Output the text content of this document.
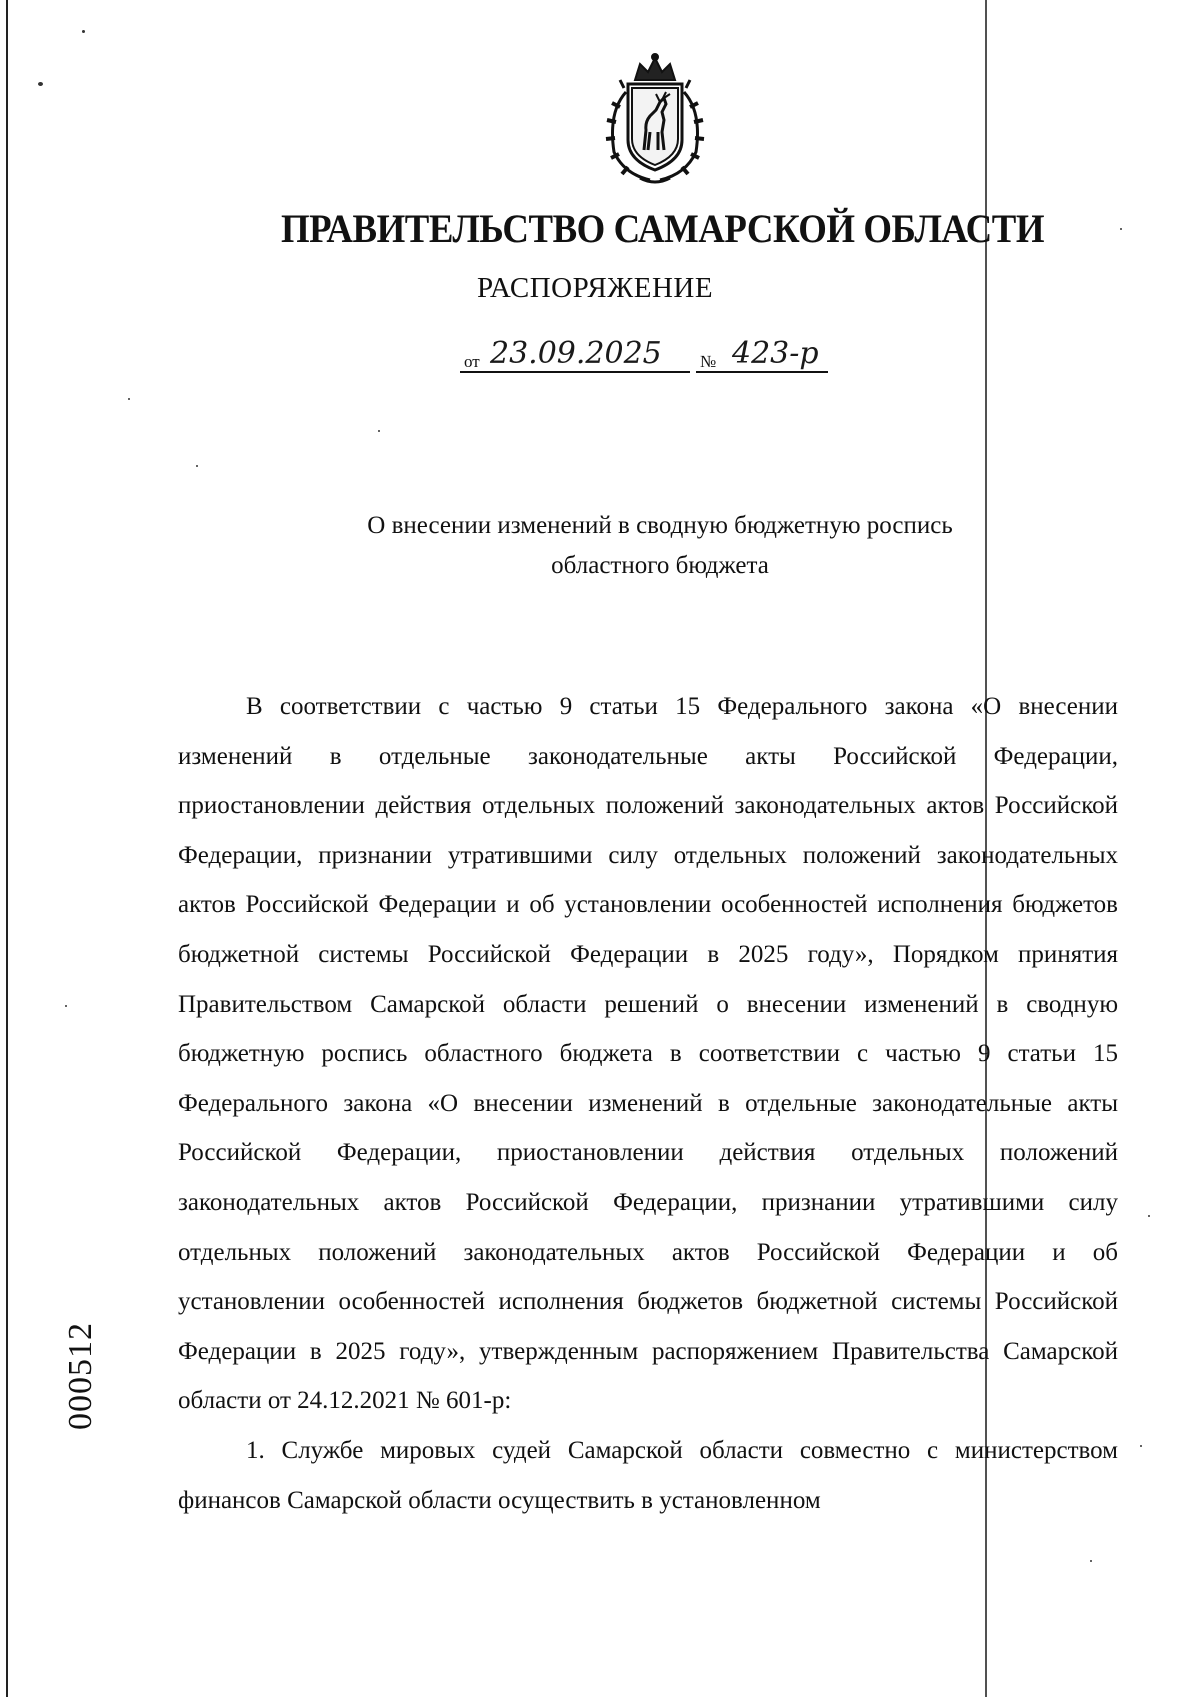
ПРАВИТЕЛЬСТВО САМАРСКОЙ ОБЛАСТИ
РАСПОРЯЖЕНИЕ
от 23.09.2025 № 423-р
О внесении изменений в сводную бюджетную роспись
областного бюджета

В соответствии с частью 9 статьи 15 Федерального закона «О внесении изменений в отдельные законодательные акты Российской Федерации, приостановлении действия отдельных положений законодательных актов Российской Федерации, признании утратившими силу отдельных положений законодательных актов Российской Федерации и об установлении особенностей исполнения бюджетов бюджетной системы Российской Федерации в 2025 году», Порядком принятия Правительством Самарской области решений о внесении изменений в сводную бюджетную роспись областного бюджета в соответствии с частью 9 статьи 15 Федерального закона «О внесении изменений в отдельные законодательные акты Российской Федерации, приостановлении действия отдельных положений законодательных актов Российской Федерации, признании утратившими силу отдельных положений законодательных актов Российской Федерации и об установлении особенностей исполнения бюджетов бюджетной системы Российской Федерации в 2025 году», утвержденным распоряжением Правительства Самарской области от 24.12.2021 № 601-р:

1. Службе мировых судей Самарской области совместно с министерством финансов Самарской области осуществить в установленном

000512
